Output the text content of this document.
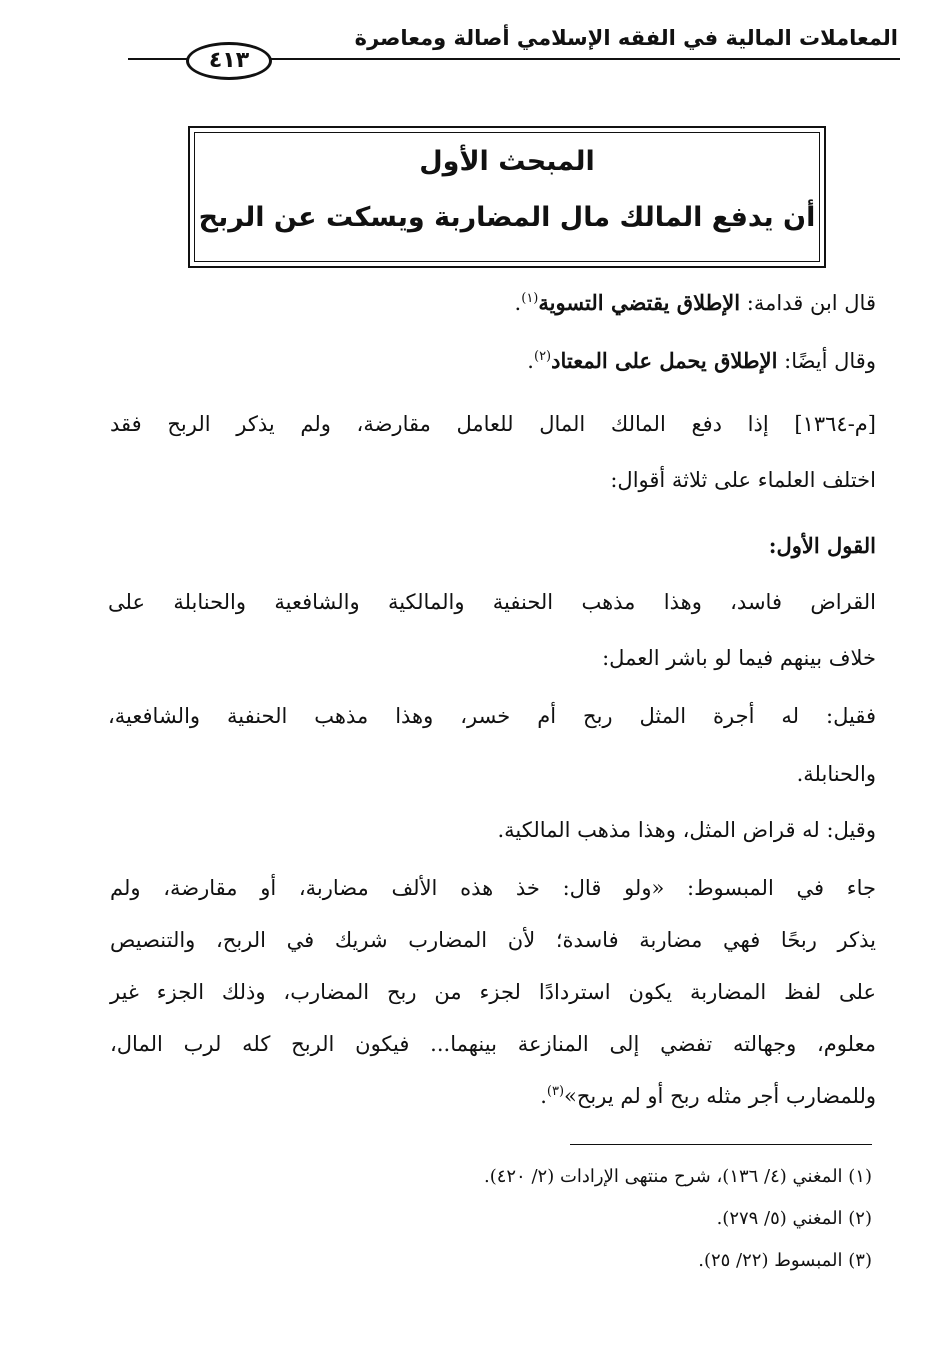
المعاملات المالية في الفقه الإسلامي أصالة ومعاصرة
٤١٣
المبحث الأول
أن يدفع المالك مال المضاربة ويسكت عن الربح
قال ابن قدامة: الإطلاق يقتضي التسوية$^{(١)}$.
وقال أيضًا: الإطلاق يحمل على المعتاد$^{(٢)}$.
[م-١٣٦٤] إذا دفع المالك المال للعامل مقارضة، ولم يذكر الربح فقد
اختلف العلماء على ثلاثة أقوال:
القول الأول:
القراض فاسد، وهذا مذهب الحنفية والمالكية والشافعية والحنابلة على
خلاف بينهم فيما لو باشر العمل:
فقيل: له أجرة المثل ربح أم خسر، وهذا مذهب الحنفية والشافعية،
والحنابلة.
وقيل: له قراض المثل، وهذا مذهب المالكية.
جاء في المبسوط: «ولو قال: خذ هذه الألف مضاربة، أو مقارضة، ولم
يذكر ربحًا فهي مضاربة فاسدة؛ لأن المضارب شريك في الربح، والتنصيص
على لفظ المضاربة يكون استردادًا لجزء من ربح المضارب، وذلك الجزء غير
معلوم، وجهالته تفضي إلى المنازعة بينهما... فيكون الربح كله لرب المال،
وللمضارب أجر مثله ربح أو لم يربح»$^{(٣)}$.
(١) المغني (٤/ ١٣٦)، شرح منتهى الإرادات (٢/ ٤٢٠).
(٢) المغني (٥/ ٢٧٩).
(٣) المبسوط (٢٢/ ٢٥).
